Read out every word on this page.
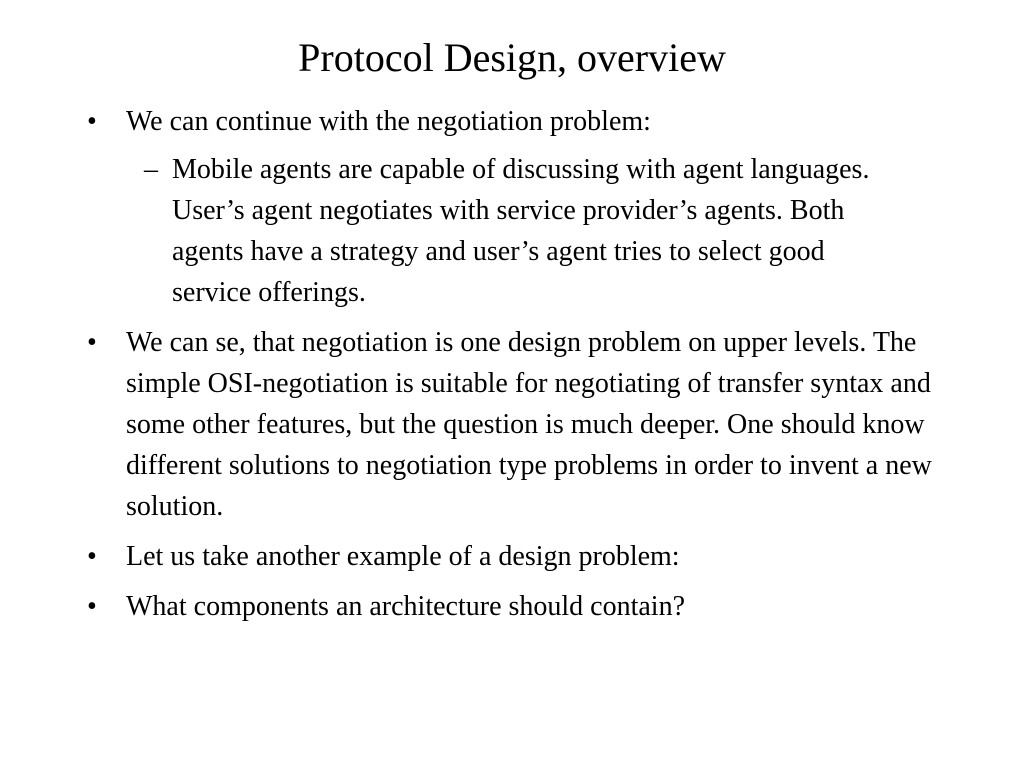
Protocol Design, overview
•	We can continue with the negotiation problem:
– Mobile agents are capable of discussing with agent languages. User’s agent negotiates with service provider’s agents. Both agents have a strategy and user’s agent tries to select good service offerings.
•	We can se, that negotiation is one design problem on upper levels. The simple OSI-negotiation is suitable for negotiating of transfer syntax and some other features, but the question is much deeper. One should know different solutions to negotiation type problems in order to invent a new solution.
•	Let us take another example of a design problem:
•	What components an architecture should contain?
